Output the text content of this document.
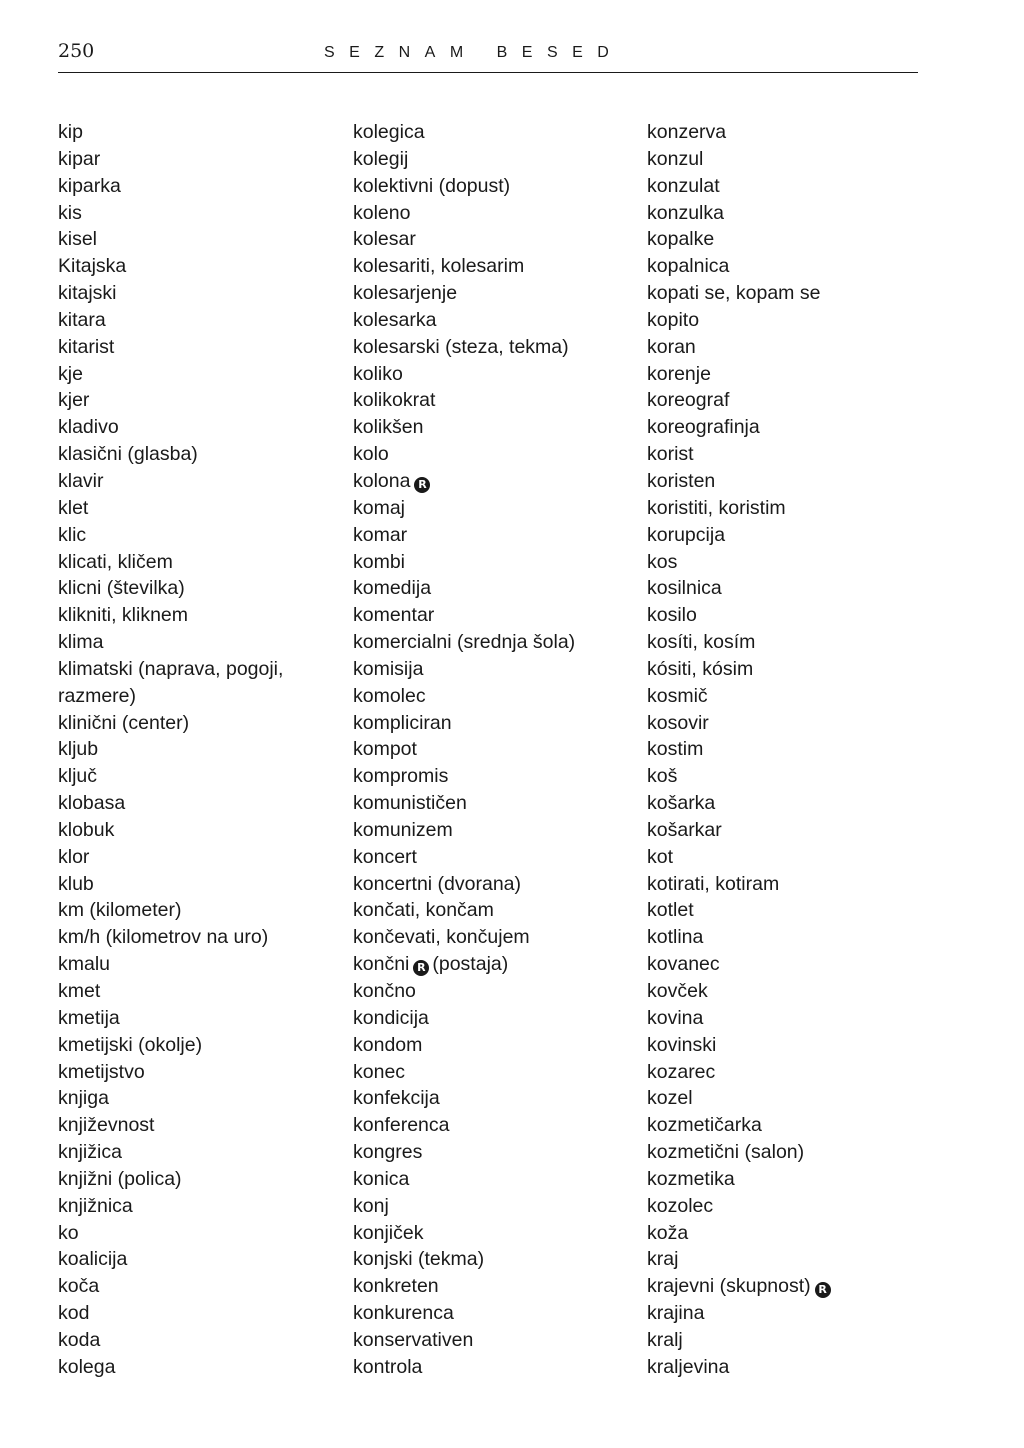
250	SEZNAM BESED
kip
kipar
kiparka
kis
kisel
Kitajska
kitajski
kitara
kitarist
kje
kjer
kladivo
klasični (glasba)
klavir
klet
klic
klicati, kličem
klicni (številka)
klikniti, kliknem
klima
klimatski (naprava, pogoji,
razmere)
klinični (center)
kljub
ključ
klobasa
klobuk
klor
klub
km (kilometer)
km/h (kilometrov na uro)
kmalu
kmet
kmetija
kmetijski (okolje)
kmetijstvo
knjiga
književnost
knjižica
knjižni (polica)
knjižnica
ko
koalicija
koča
kod
koda
kolega
kolegica
kolegij
kolektivni (dopust)
koleno
kolesar
kolesariti, kolesarim
kolesarjenje
kolesarka
kolesarski (steza, tekma)
koliko
kolikokrat
kolikšen
kolo
kolona R
komaj
komar
kombi
komedija
komentar
komercialni (srednja šola)
komisija
komolec
kompliciran
kompot
kompromis
komunističen
komunizem
koncert
koncertni (dvorana)
končati, končam
končevati, končujem
končni R (postaja)
končno
kondicija
kondom
konec
konfekcija
konferenca
kongres
konica
konj
konjiček
konjski (tekma)
konkreten
konkurenca
konservativen
kontrola
konzerva
konzul
konzulat
konzulka
kopalke
kopalnica
kopati se, kopam se
kopito
koran
korenje
koreograf
koreografinja
korist
koristen
koristiti, koristim
korupcija
kos
kosilnica
kosilo
kosíti, kosím
kósiti, kósim
kosmič
kosovir
kostim
koš
košarka
košarkar
kot
kotirati, kotiram
kotlet
kotlina
kovanec
kovček
kovina
kovinski
kozarec
kozel
kozmetičarka
kozmetični (salon)
kozmetika
kozolec
koža
kraj
krajevni (skupnost) R
krajina
kralj
kraljevina
